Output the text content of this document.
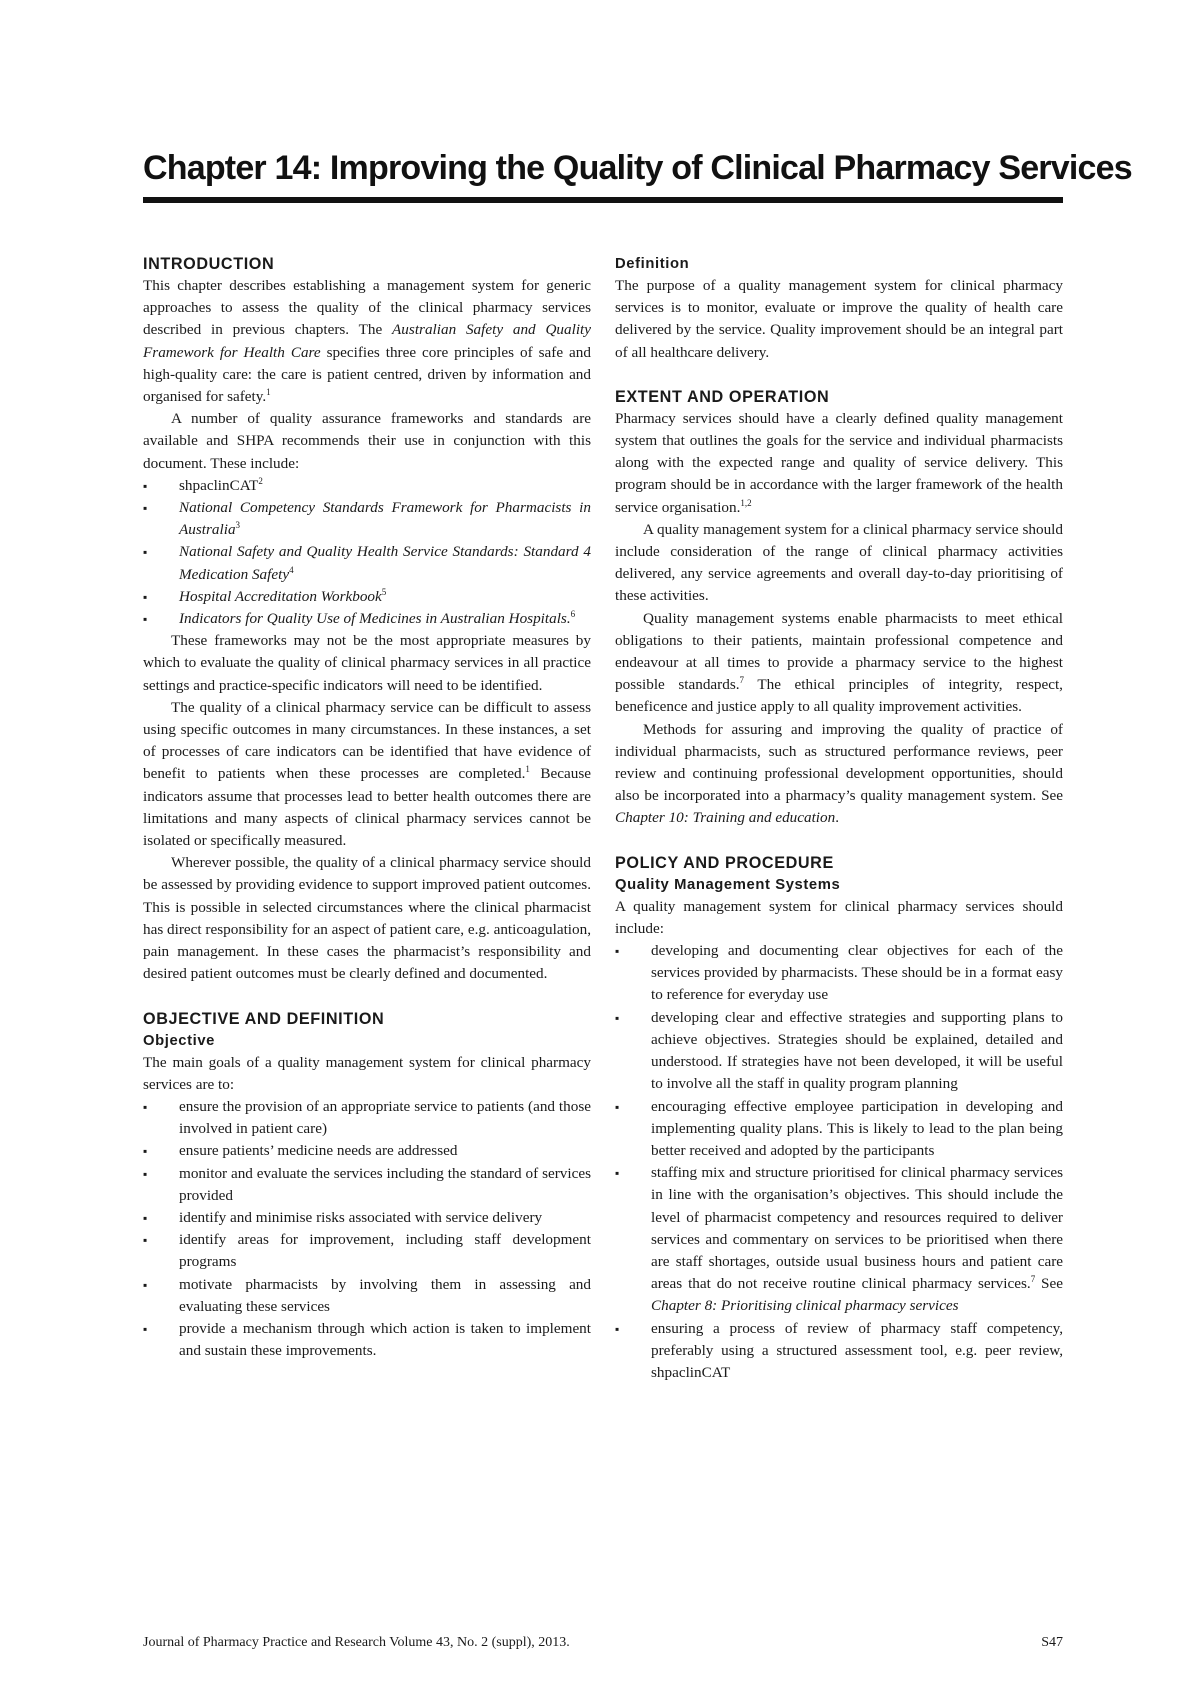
Chapter 14: Improving the Quality of Clinical Pharmacy Services
INTRODUCTION

This chapter describes establishing a management system for generic approaches to assess the quality of the clinical pharmacy services described in previous chapters. The Australian Safety and Quality Framework for Health Care specifies three core principles of safe and high-quality care: the care is patient centred, driven by information and organised for safety.$^1$

A number of quality assurance frameworks and standards are available and SHPA recommends their use in conjunction with this document. These include:

▪ shpaclinCAT$^2$
▪ National Competency Standards Framework for Pharmacists in Australia$^3$
▪ National Safety and Quality Health Service Standards: Standard 4 Medication Safety$^4$
▪ Hospital Accreditation Workbook$^5$
▪ Indicators for Quality Use of Medicines in Australian Hospitals.$^6$

These frameworks may not be the most appropriate measures by which to evaluate the quality of clinical pharmacy services in all practice settings and practice-specific indicators will need to be identified.

The quality of a clinical pharmacy service can be difficult to assess using specific outcomes in many circumstances. In these instances, a set of processes of care indicators can be identified that have evidence of benefit to patients when these processes are completed.$^1$ Because indicators assume that processes lead to better health outcomes there are limitations and many aspects of clinical pharmacy services cannot be isolated or specifically measured.

Wherever possible, the quality of a clinical pharmacy service should be assessed by providing evidence to support improved patient outcomes. This is possible in selected circumstances where the clinical pharmacist has direct responsibility for an aspect of patient care, e.g. anticoagulation, pain management. In these cases the pharmacist’s responsibility and desired patient outcomes must be clearly defined and documented.

OBJECTIVE AND DEFINITION
Objective

The main goals of a quality management system for clinical pharmacy services are to:

▪ ensure the provision of an appropriate service to patients (and those involved in patient care)
▪ ensure patients’ medicine needs are addressed
▪ monitor and evaluate the services including the standard of services provided
▪ identify and minimise risks associated with service delivery
▪ identify areas for improvement, including staff development programs
▪ motivate pharmacists by involving them in assessing and evaluating these services
▪ provide a mechanism through which action is taken to implement and sustain these improvements.
Definition

The purpose of a quality management system for clinical pharmacy services is to monitor, evaluate or improve the quality of health care delivered by the service. Quality improvement should be an integral part of all healthcare delivery.

EXTENT AND OPERATION

Pharmacy services should have a clearly defined quality management system that outlines the goals for the service and individual pharmacists along with the expected range and quality of service delivery. This program should be in accordance with the larger framework of the health service organisation.$^{1,2}$

A quality management system for a clinical pharmacy service should include consideration of the range of clinical pharmacy activities delivered, any service agreements and overall day-to-day prioritising of these activities.

Quality management systems enable pharmacists to meet ethical obligations to their patients, maintain professional competence and endeavour at all times to provide a pharmacy service to the highest possible standards.$^7$ The ethical principles of integrity, respect, beneficence and justice apply to all quality improvement activities.

Methods for assuring and improving the quality of practice of individual pharmacists, such as structured performance reviews, peer review and continuing professional development opportunities, should also be incorporated into a pharmacy’s quality management system. See Chapter 10: Training and education.

POLICY AND PROCEDURE
Quality Management Systems

A quality management system for clinical pharmacy services should include:

▪ developing and documenting clear objectives for each of the services provided by pharmacists. These should be in a format easy to reference for everyday use
▪ developing clear and effective strategies and supporting plans to achieve objectives. Strategies should be explained, detailed and understood. If strategies have not been developed, it will be useful to involve all the staff in quality program planning
▪ encouraging effective employee participation in developing and implementing quality plans. This is likely to lead to the plan being better received and adopted by the participants
▪ staffing mix and structure prioritised for clinical pharmacy services in line with the organisation’s objectives. This should include the level of pharmacist competency and resources required to deliver services and commentary on services to be prioritised when there are staff shortages, outside usual business hours and patient care areas that do not receive routine clinical pharmacy services.$^7$ See Chapter 8: Prioritising clinical pharmacy services
▪ ensuring a process of review of pharmacy staff competency, preferably using a structured assessment tool, e.g. peer review, shpaclinCAT
Journal of Pharmacy Practice and Research Volume 43, No. 2 (suppl), 2013.	S47
